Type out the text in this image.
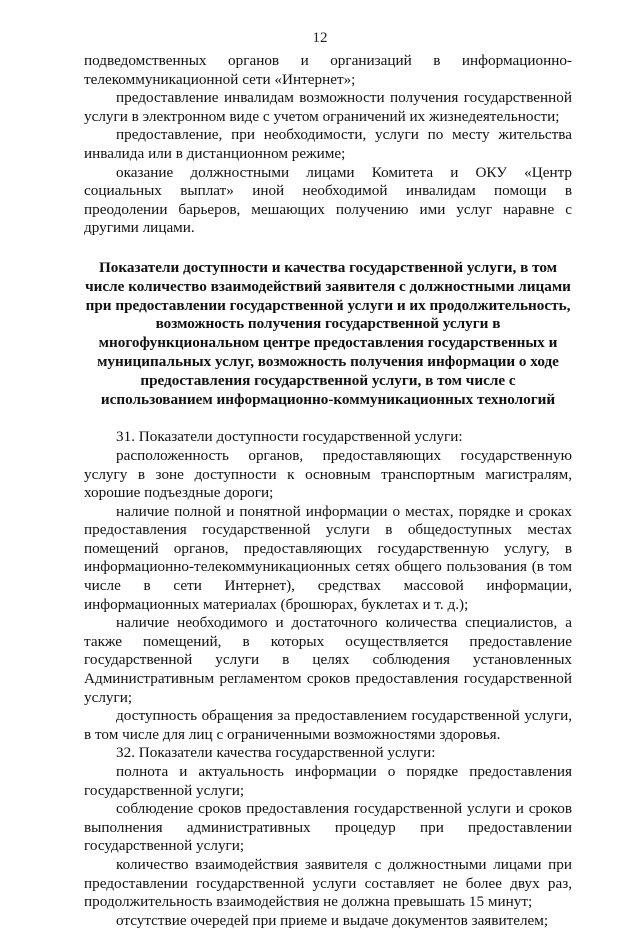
12

подведомственных органов и организаций в информационно-телекоммуникационной сети «Интернет»;

предоставление инвалидам возможности получения государственной услуги в электронном виде с учетом ограничений их жизнедеятельности;

предоставление, при необходимости, услуги по месту жительства инвалида или в дистанционном режиме;

оказание должностными лицами Комитета и ОКУ «Центр социальных выплат» иной необходимой инвалидам помощи в преодолении барьеров, мешающих получению ими услуг наравне с другими лицами.

Показатели доступности и качества государственной услуги, в том числе количество взаимодействий заявителя с должностными лицами при предоставлении государственной услуги и их продолжительность, возможность получения государственной услуги в многофункциональном центре предоставления государственных и муниципальных услуг, возможность получения информации о ходе предоставления государственной услуги, в том числе с использованием информационно-коммуникационных технологий

31. Показатели доступности государственной услуги:

расположенность органов, предоставляющих государственную услугу в зоне доступности к основным транспортным магистралям, хорошие подъездные дороги;

наличие полной и понятной информации о местах, порядке и сроках предоставления государственной услуги в общедоступных местах помещений органов, предоставляющих государственную услугу, в информационно-телекоммуникационных сетях общего пользования (в том числе в сети Интернет), средствах массовой информации, информационных материалах (брошюрах, буклетах и т. д.);

наличие необходимого и достаточного количества специалистов, а также помещений, в которых осуществляется предоставление государственной услуги в целях соблюдения установленных Административным регламентом сроков предоставления государственной услуги;

доступность обращения за предоставлением государственной услуги, в том числе для лиц с ограниченными возможностями здоровья.

32. Показатели качества государственной услуги:

полнота и актуальность информации о порядке предоставления государственной услуги;

соблюдение сроков предоставления государственной услуги и сроков выполнения административных процедур при предоставлении государственной услуги;

количество взаимодействия заявителя с должностными лицами при предоставлении государственной услуги составляет не более двух раз, продолжительность взаимодействия не должна превышать 15 минут;

отсутствие очередей при приеме и выдаче документов заявителем;
